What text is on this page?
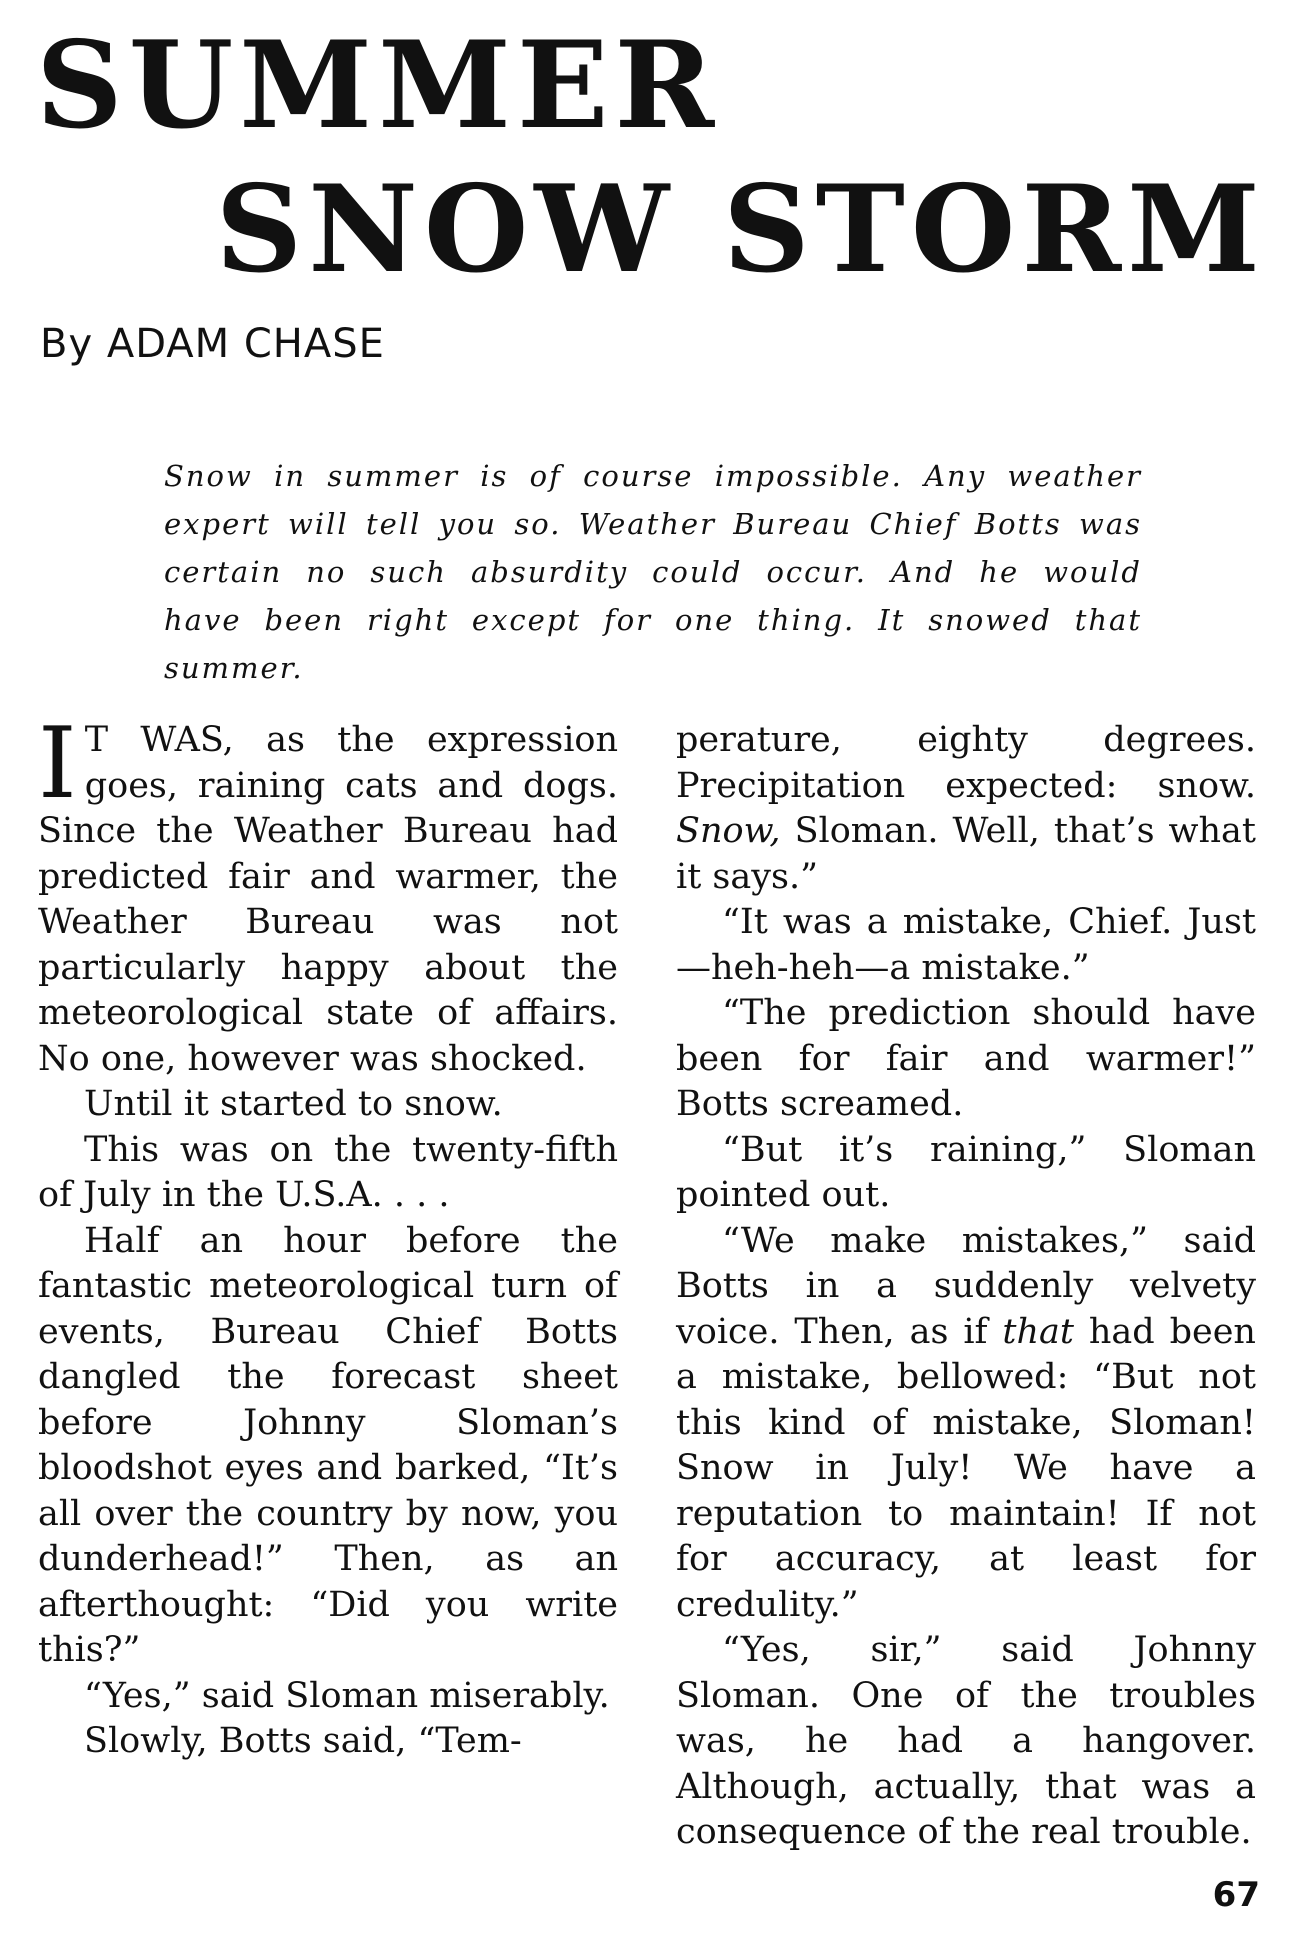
SUMMER
SNOW STORM

By ADAM CHASE

Snow in summer is of course impossible. Any weather expert will tell you so. Weather Bureau Chief Botts was certain no such absurdity could occur. And he would have been right except for one thing. It snowed that summer.

I T WAS, as the expression goes, raining cats and dogs. Since the Weather Bureau had predicted fair and warmer, the Weather Bureau was not particularly happy about the meteorological state of affairs. No one, however was shocked.

Until it started to snow.

This was on the twenty-fifth of July in the U.S.A. . . .

Half an hour before the fantastic meteorological turn of events, Bureau Chief Botts dangled the forecast sheet before Johnny Sloman’s bloodshot eyes and barked, “It’s all over the country by now, you dunderhead!” Then, as an afterthought: “Did you write this?”

“Yes,” said Sloman miserably.

Slowly, Botts said, “Tem-

perature, eighty degrees. Precipitation expected: snow. Snow, Sloman. Well, that’s what it says.”

“It was a mistake, Chief. Just—heh-heh—a mistake.”

“The prediction should have been for fair and warmer!” Botts screamed.

“But it’s raining,” Sloman pointed out.

“We make mistakes,” said Botts in a suddenly velvety voice. Then, as if that had been a mistake, bellowed: “But not this kind of mistake, Sloman! Snow in July! We have a reputation to maintain! If not for accuracy, at least for credulity.”

“Yes, sir,” said Johnny Sloman. One of the troubles was, he had a hangover. Although, actually, that was a consequence of the real trouble.

67
